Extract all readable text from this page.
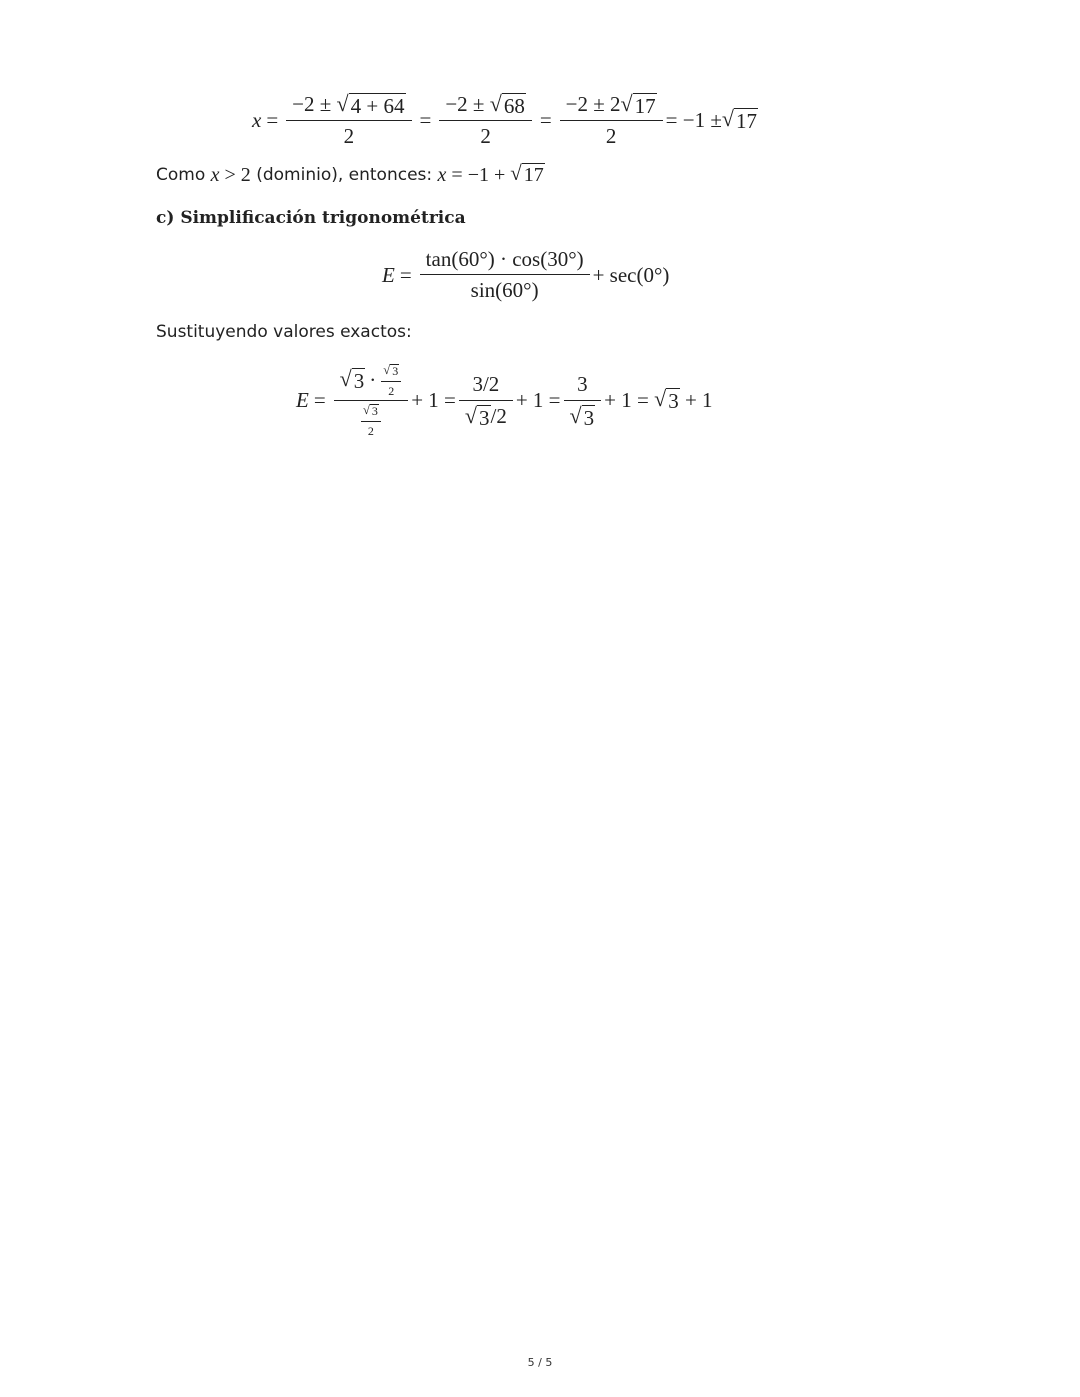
$x = \frac{-2 \pm √ 4 + 64}{2} = \frac{-2 \pm √ 68}{2} = \frac{-2 \pm 2 √ 17}{2} = -1$ ± √ 17
Como x > 2 (dominio), entonces: x = −1 + √ 17
c) Simplificación trigonométrica
$E = \frac{\tan(60^\circ) \cdot \cos(30^\circ)}{\sin(60^\circ)} + \sec(0^\circ)$
Sustituyendo valores exactos:
$E = \frac{√ 3 \cdot \frac{√ 3}{2}}{\frac{√ 3}{2}} + 1 = \frac{3/2}{√ 3 /2} + 1 = \frac{3}{√ 3} + 1$ = √ 3 + 1
5 / 5
